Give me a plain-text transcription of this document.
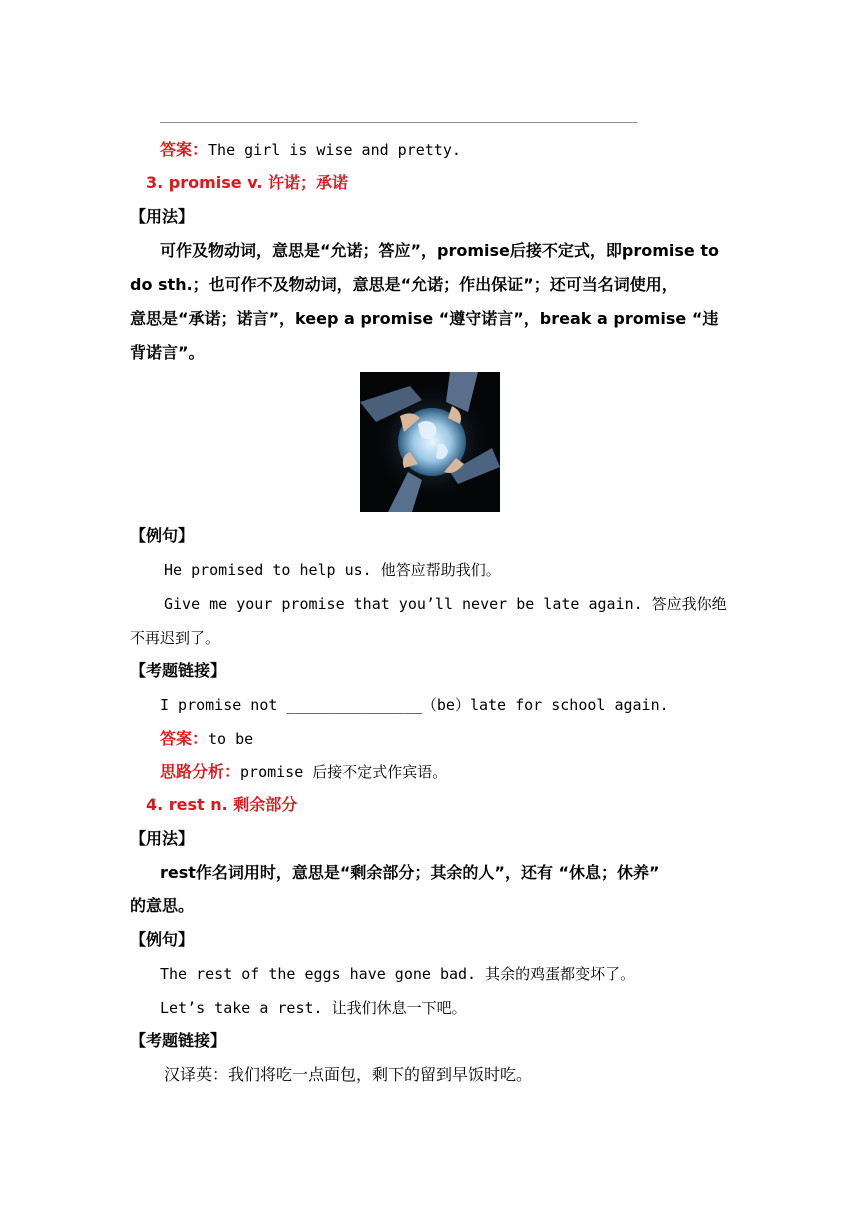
答案：The girl is wise and pretty.
3. promise v. 许诺；承诺
【用法】
可作及物动词，意思是“允诺；答应”，promise后接不定式，即promise to
do sth.；也可作不及物动词，意思是“允诺；作出保证”；还可当名词使用，
意思是“承诺；诺言”，keep a promise “遵守诺言”，break a promise “违
背诺言”。
【例句】
He promised to help us. 他答应帮助我们。
Give me your promise that you’ll never be late again. 答应我你绝
不再迟到了。
【考题链接】
I promise not _______________（be）late for school again.
答案：to be
思路分析：promise 后接不定式作宾语。
4. rest n. 剩余部分
【用法】
rest作名词用时，意思是“剩余部分；其余的人”，还有 “休息；休养”
的意思。
【例句】
The rest of the eggs have gone bad. 其余的鸡蛋都变坏了。
Let’s take a rest. 让我们休息一下吧。
【考题链接】
汉译英：我们将吃一点面包，剩下的留到早饭时吃。
